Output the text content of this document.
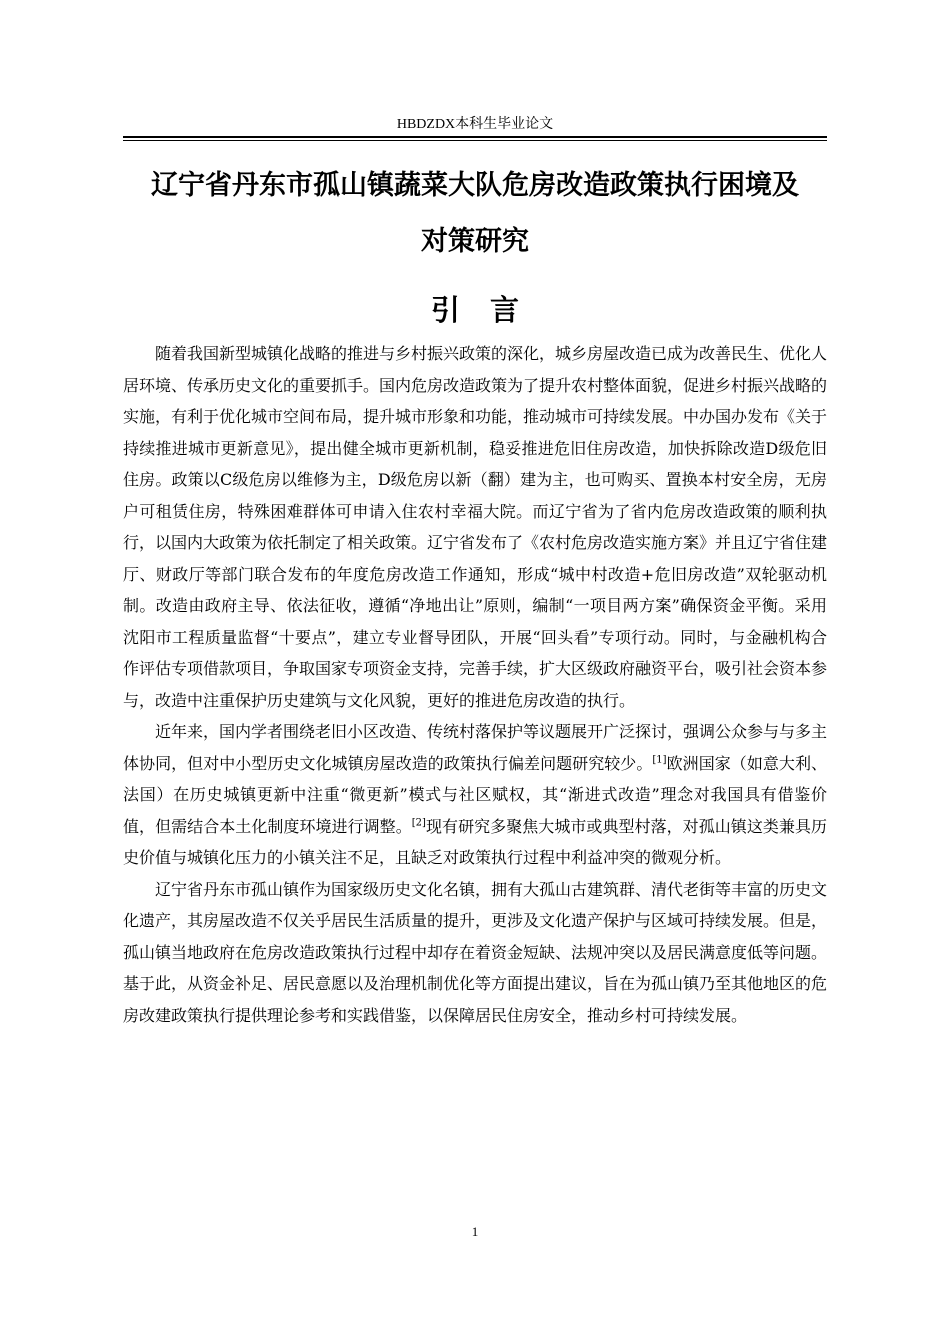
HBDZDX本科生毕业论文
辽宁省丹东市孤山镇蔬菜大队危房改造政策执行困境及
对策研究
引言

随着我国新型城镇化战略的推进与乡村振兴政策的深化，城乡房屋改造已成为改善民生、优化人居环境、传承历史文化的重要抓手。国内危房改造政策为了提升农村整体面貌，促进乡村振兴战略的实施，有利于优化城市空间布局，提升城市形象和功能，推动城市可持续发展。中办国办发布《关于持续推进城市更新意见》，提出健全城市更新机制，稳妥推进危旧住房改造，加快拆除改造D级危旧住房。政策以C级危房以维修为主，D级危房以新（翻）建为主，也可购买、置换本村安全房，无房户可租赁住房，特殊困难群体可申请入住农村幸福大院。而辽宁省为了省内危房改造政策的顺利执行，以国内大政策为依托制定了相关政策。辽宁省发布了《农村危房改造实施方案》并且辽宁省住建厅、财政厅等部门联合发布的年度危房改造工作通知，形成“城中村改造+危旧房改造”双轮驱动机制。改造由政府主导、依法征收，遵循“净地出让”原则，编制“一项目两方案”确保资金平衡。采用沈阳市工程质量监督“十要点”，建立专业督导团队，开展“回头看”专项行动。同时，与金融机构合作评估专项借款项目，争取国家专项资金支持，完善手续，扩大区级政府融资平台，吸引社会资本参与，改造中注重保护历史建筑与文化风貌，更好的推进危房改造的执行。

近年来，国内学者围绕老旧小区改造、传统村落保护等议题展开广泛探讨，强调公众参与与多主体协同，但对中小型历史文化城镇房屋改造的政策执行偏差问题研究较少。[1]欧洲国家（如意大利、法国）在历史城镇更新中注重“微更新”模式与社区赋权，其“渐进式改造”理念对我国具有借鉴价值，但需结合本土化制度环境进行调整。[2]现有研究多聚焦大城市或典型村落，对孤山镇这类兼具历史价值与城镇化压力的小镇关注不足，且缺乏对政策执行过程中利益冲突的微观分析。

辽宁省丹东市孤山镇作为国家级历史文化名镇，拥有大孤山古建筑群、清代老街等丰富的历史文化遗产，其房屋改造不仅关乎居民生活质量的提升，更涉及文化遗产保护与区域可持续发展。但是，孤山镇当地政府在危房改造政策执行过程中却存在着资金短缺、法规冲突以及居民满意度低等问题。基于此，从资金补足、居民意愿以及治理机制优化等方面提出建议，旨在为孤山镇乃至其他地区的危房改建政策执行提供理论参考和实践借鉴，以保障居民住房安全，推动乡村可持续发展。

1
